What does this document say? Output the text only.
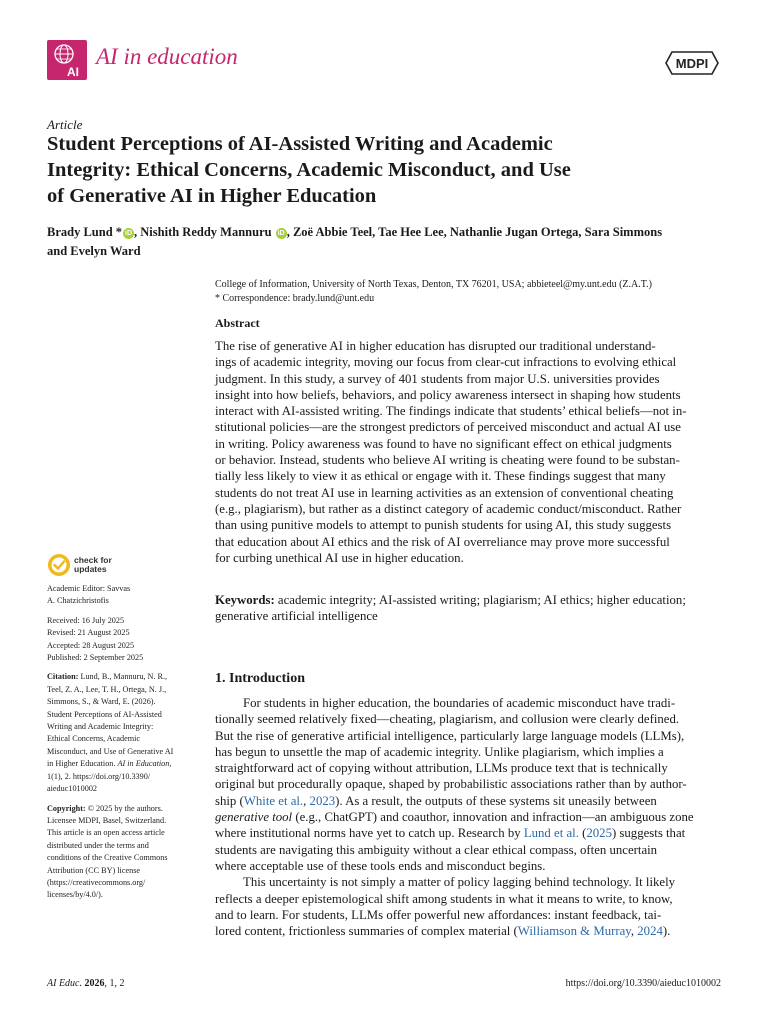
AI
AI in education	MDPI
Article
Student Perceptions of AI-Assisted Writing and Academic
Integrity: Ethical Concerns, Academic Misconduct, and Use
of Generative AI in Higher Education
Brady Lund * iD , Nishith Reddy Mannuru iD , Zoë Abbie Teel, Tae Hee Lee, Nathanlie Jugan Ortega, Sara Simmons
and Evelyn Ward
College of Information, University of North Texas, Denton, TX 76201, USA; abbieteel@my.unt.edu (Z.A.T.)
* Correspondence: brady.lund@unt.edu
Abstract
The rise of generative AI in higher education has disrupted our traditional understand-
ings of academic integrity, moving our focus from clear-cut infractions to evolving ethical
judgment. In this study, a survey of 401 students from major U.S. universities provides
insight into how beliefs, behaviors, and policy awareness intersect in shaping how students
interact with AI-assisted writing. The findings indicate that students’ ethical beliefs—not in-
stitutional policies—are the strongest predictors of perceived misconduct and actual AI use
in writing. Policy awareness was found to have no significant effect on ethical judgments
or behavior. Instead, students who believe AI writing is cheating were found to be substan-
tially less likely to view it as ethical or engage with it. These findings suggest that many
students do not treat AI use in learning activities as an extension of conventional cheating
(e.g., plagiarism), but rather as a distinct category of academic conduct/misconduct. Rather
than using punitive models to attempt to punish students for using AI, this study suggests
that education about AI ethics and the risk of AI overreliance may prove more successful
for curbing unethical AI use in higher education.
Keywords: academic integrity; AI-assisted writing; plagiarism; AI ethics; higher education;
generative artificial intelligence
1. Introduction
For students in higher education, the boundaries of academic misconduct have tradi-
tionally seemed relatively fixed—cheating, plagiarism, and collusion were clearly defined.
But the rise of generative artificial intelligence, particularly large language models (LLMs),
has begun to unsettle the map of academic integrity. Unlike plagiarism, which implies a
straightforward act of copying without attribution, LLMs produce text that is technically
original but procedurally opaque, shaped by probabilistic associations rather than by author-
ship (White et al., 2023). As a result, the outputs of these systems sit uneasily between
generative tool (e.g., ChatGPT) and coauthor, innovation and infraction—an ambiguous zone
where institutional norms have yet to catch up. Research by Lund et al. (2025) suggests that
students are navigating this ambiguity without a clear ethical compass, often uncertain
where acceptable use of these tools ends and misconduct begins.
This uncertainty is not simply a matter of policy lagging behind technology. It likely
reflects a deeper epistemological shift among students in what it means to write, to know,
and to learn. For students, LLMs offer powerful new affordances: instant feedback, tai-
lored content, frictionless summaries of complex material (Williamson & Murray, 2024).
check for
updates
Academic Editor: Savvas
A. Chatzichristofis
Received: 16 July 2025
Revised: 21 August 2025
Accepted: 28 August 2025
Published: 2 September 2025
Citation: Lund, B., Mannuru, N. R.,
Teel, Z. A., Lee, T. H., Ortega, N. J.,
Simmons, S., & Ward, E. (2026).
Student Perceptions of AI-Assisted
Writing and Academic Integrity:
Ethical Concerns, Academic
Misconduct, and Use of Generative AI
in Higher Education. AI in Education,
1(1), 2. https://doi.org/10.3390/
aieduc1010002
Copyright: © 2025 by the authors.
Licensee MDPI, Basel, Switzerland.
This article is an open access article
distributed under the terms and
conditions of the Creative Commons
Attribution (CC BY) license
(https://creativecommons.org/
licenses/by/4.0/).
AI Educ. 2026, 1, 2	https://doi.org/10.3390/aieduc1010002
